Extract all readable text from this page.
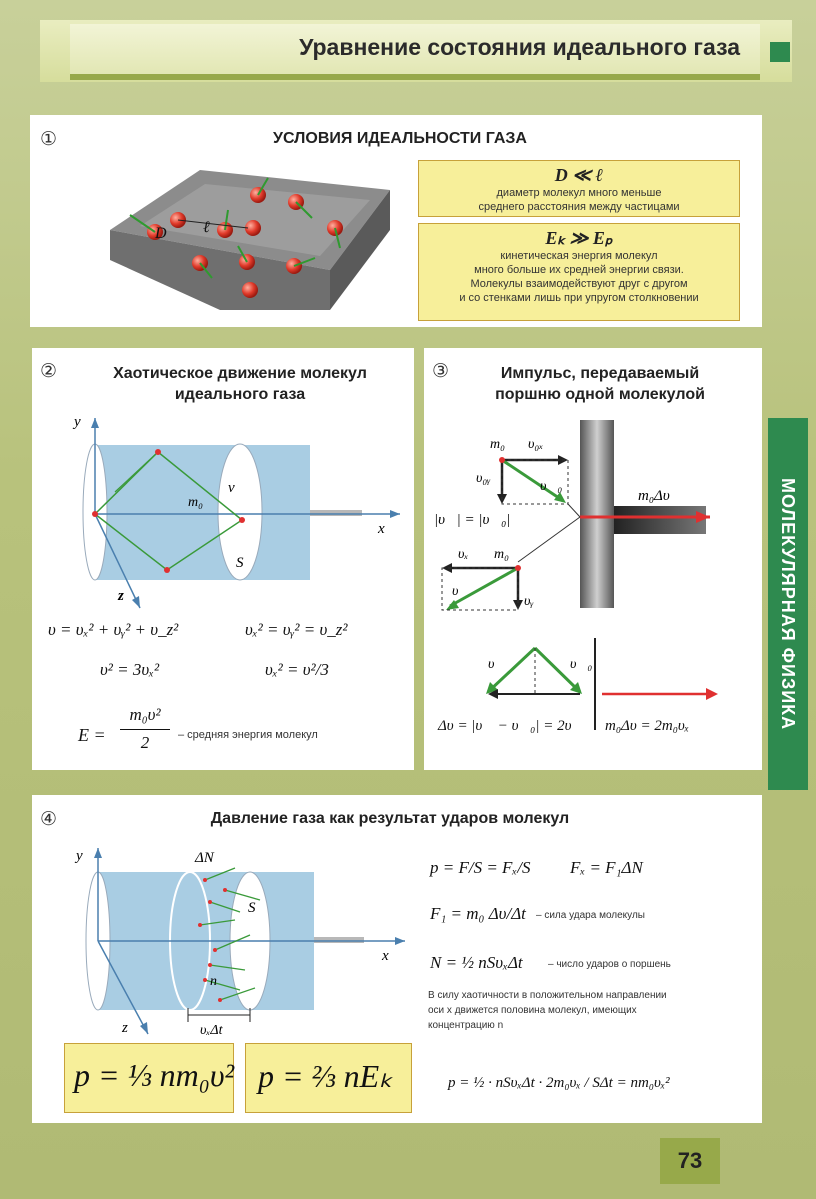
Уравнение состояния идеального газа
①	УСЛОВИЯ ИДЕАЛЬНОСТИ ГАЗА
D ℓ
D ≪ ℓ
диаметр молекул много меньше
среднего расстояния между частицами
Eₖ ≫ Eₚ
кинетическая энергия молекул
много больше их средней энергии связи.
Молекулы взаимодействуют друг с другом
и со стенками лишь при упругом столкновении
②	Хаотическое движение молекул
идеального газа
y
x
z
m₀
v⃗
S
υ = υₓ² + υᵧ² + υ_z²	υₓ² = υᵧ² = υ_z²
υ² = 3υₓ²	υₓ² = υ²/3
E =
m₀υ²
2	– средняя энергия молекул
③	Импульс, передаваемый
поршню одной молекулой
m₀Δυ⃗
m₀ υ₀ₓ
υ₀ᵧ
υ⃗₀
|υ⃗| = |υ⃗₀|
υₓ m₀
υ⃗
υᵧ
υ⃗	υ⃗₀
Δυ = |υ⃗ − υ⃗₀| = 2υ m₀Δυ = 2m₀υₓ	МОЛЕКУЛЯРНАЯ ФИЗИКА
④	Давление газа как результат ударов молекул
y
x
z
ΔN
S
n
υₓΔt
p = F/S = Fₓ/S Fₓ = F₁ΔN
F₁ = m₀ Δυ/Δt – сила удара молекулы
N = ½ nSυₓΔt	– число ударов о поршень
В силу хаотичности в положительном направлении
оси x движется половина молекул, имеющих
концентрацию n
p = ½ · nSυₓΔt · 2m₀υₓ / SΔt = nm₀υₓ²
p = ⅓ nm₀υ² p = ⅔ nEₖ
73
